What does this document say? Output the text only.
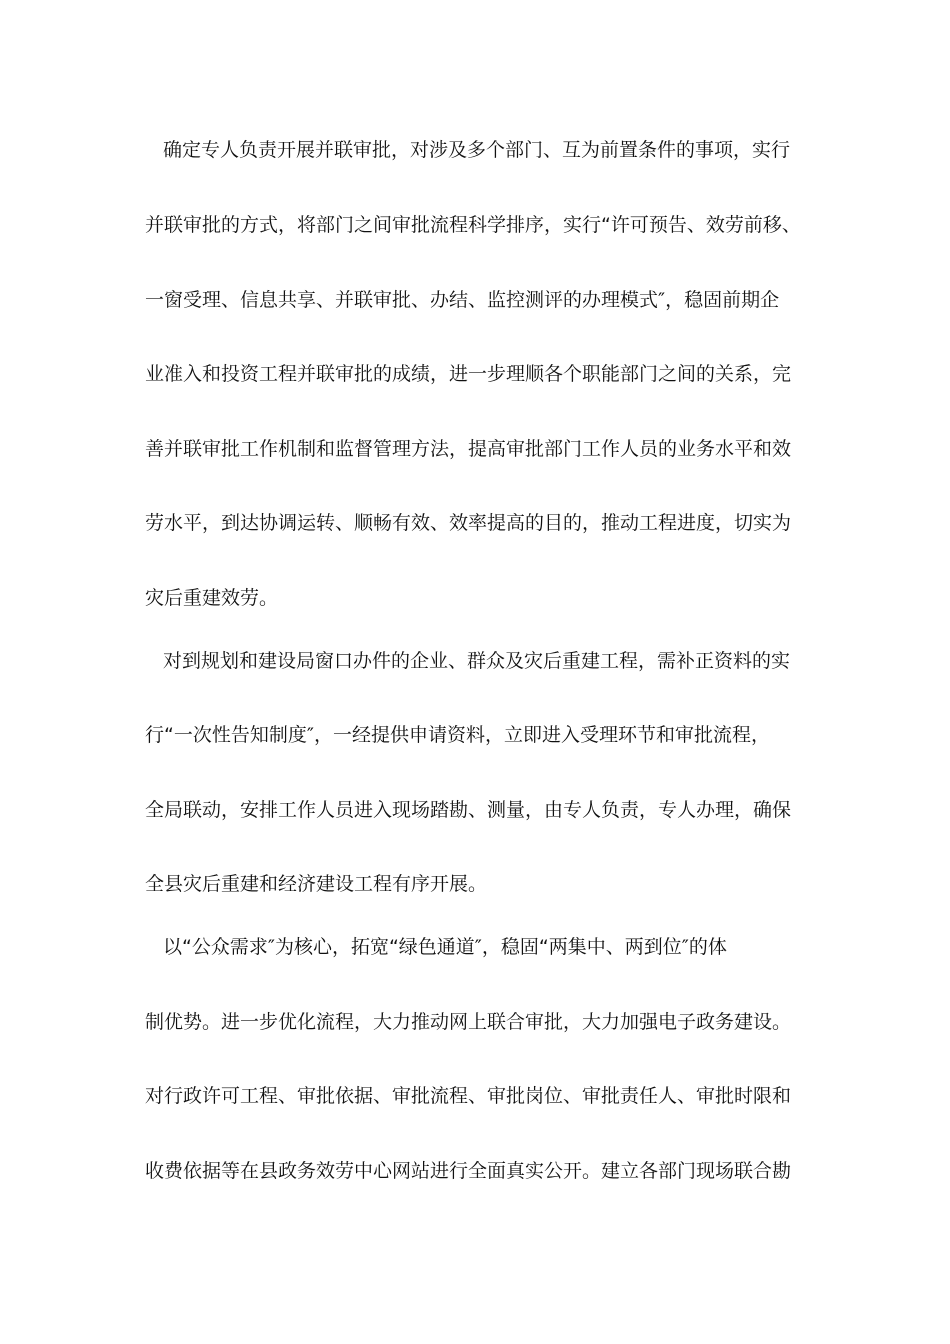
确定专人负责开展并联审批，对涉及多个部门、互为前置条件的事项，实行
并联审批的方式，将部门之间审批流程科学排序，实行“许可预告、效劳前移、
一窗受理、信息共享、并联审批、办结、监控测评的办理模式″，稳固前期企
业准入和投资工程并联审批的成绩，进一步理顺各个职能部门之间的关系，完
善并联审批工作机制和监督管理方法，提高审批部门工作人员的业务水平和效
劳水平，到达协调运转、顺畅有效、效率提高的目的，推动工程进度，切实为
灾后重建效劳。
对到规划和建设局窗口办件的企业、群众及灾后重建工程，需补正资料的实
行“一次性告知制度″，一经提供申请资料，立即进入受理环节和审批流程，
全局联动，安排工作人员进入现场踏勘、测量，由专人负责，专人办理，确保
全县灾后重建和经济建设工程有序开展。
以“公众需求″为核心，拓宽“绿色通道″，稳固“两集中、两到位″的体
制优势。进一步优化流程，大力推动网上联合审批，大力加强电子政务建设。
对行政许可工程、审批依据、审批流程、审批岗位、审批责任人、审批时限和
收费依据等在县政务效劳中心网站进行全面真实公开。建立各部门现场联合勘
